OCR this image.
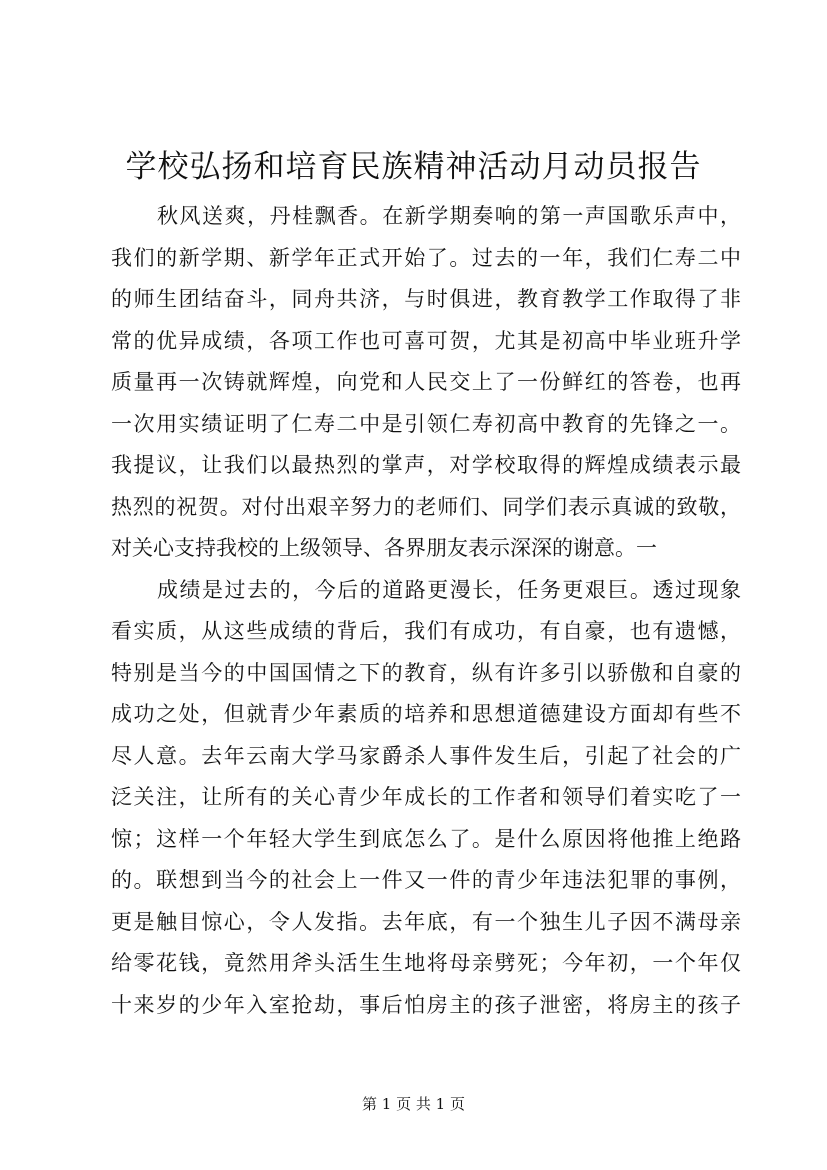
学校弘扬和培育民族精神活动月动员报告
秋风送爽，丹桂飘香。在新学期奏响的第一声国歌乐声中，
我们的新学期、新学年正式开始了。过去的一年，我们仁寿二中
的师生团结奋斗，同舟共济，与时俱进，教育教学工作取得了非
常的优异成绩，各项工作也可喜可贺，尤其是初高中毕业班升学
质量再一次铸就辉煌，向党和人民交上了一份鲜红的答卷，也再
一次用实绩证明了仁寿二中是引领仁寿初高中教育的先锋之一。
我提议，让我们以最热烈的掌声，对学校取得的辉煌成绩表示最
热烈的祝贺。对付出艰辛努力的老师们、同学们表示真诚的致敬，
对关心支持我校的上级领导、各界朋友表示深深的谢意。一
成绩是过去的，今后的道路更漫长，任务更艰巨。透过现象
看实质，从这些成绩的背后，我们有成功，有自豪，也有遗憾，
特别是当今的中国国情之下的教育，纵有许多引以骄傲和自豪的
成功之处，但就青少年素质的培养和思想道德建设方面却有些不
尽人意。去年云南大学马家爵杀人事件发生后，引起了社会的广
泛关注，让所有的关心青少年成长的工作者和领导们着实吃了一
惊；这样一个年轻大学生到底怎么了。是什么原因将他推上绝路
的。联想到当今的社会上一件又一件的青少年违法犯罪的事例，
更是触目惊心，令人发指。去年底，有一个独生儿子因不满母亲
给零花钱，竟然用斧头活生生地将母亲劈死；今年初，一个年仅
十来岁的少年入室抢劫，事后怕房主的孩子泄密，将房主的孩子
第 1 页 共 1 页
